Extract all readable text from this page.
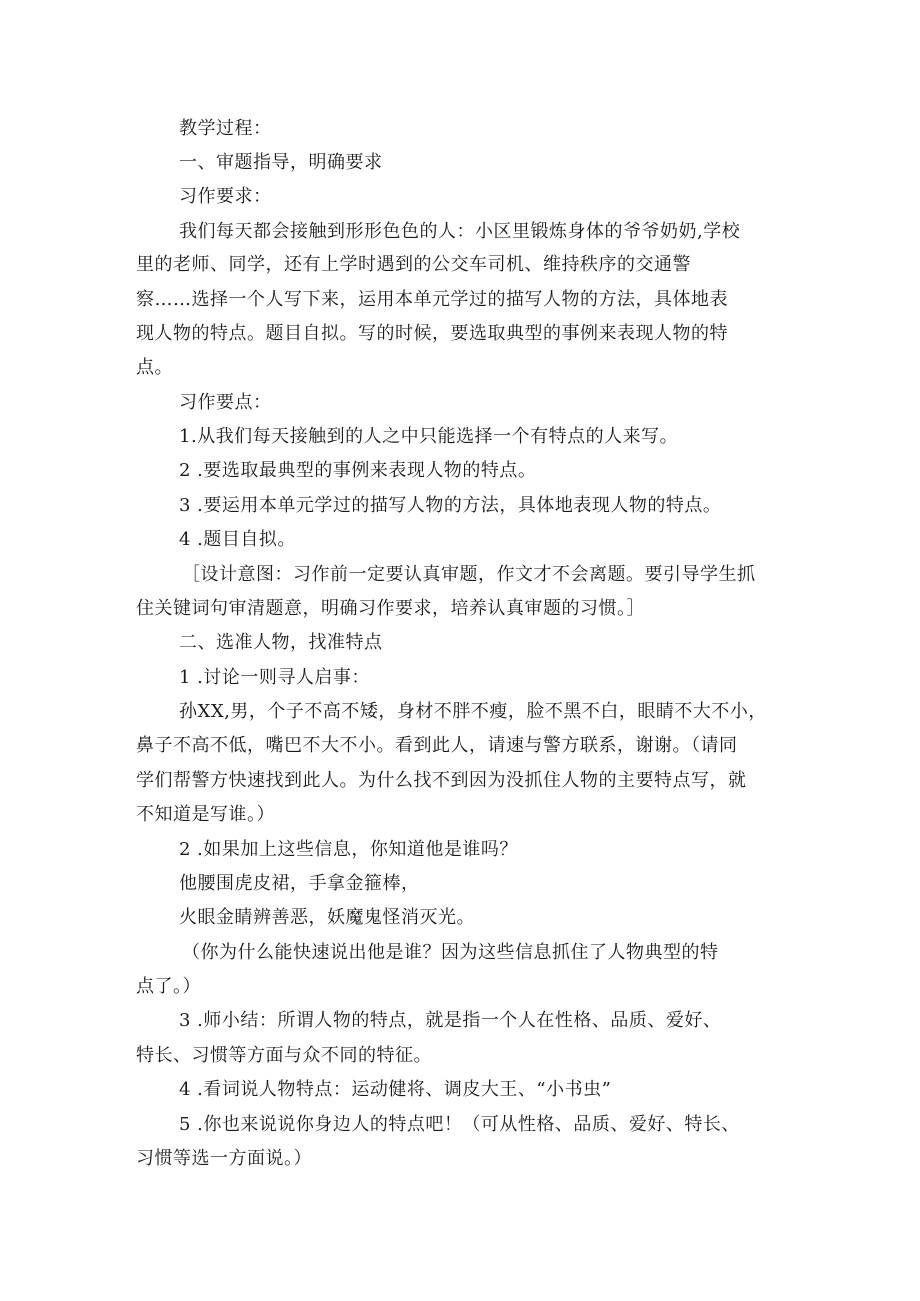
教学过程：
一、审题指导，明确要求
习作要求：
我们每天都会接触到形形色色的人：小区里锻炼身体的爷爷奶奶,学校
里的老师、同学，还有上学时遇到的公交车司机、维持秩序的交通警
察……选择一个人写下来，运用本单元学过的描写人物的方法，具体地表
现人物的特点。题目自拟。写的时候，要选取典型的事例来表现人物的特
点。
习作要点：
1.从我们每天接触到的人之中只能选择一个有特点的人来写。
2 .要选取最典型的事例来表现人物的特点。
3 .要运用本单元学过的描写人物的方法，具体地表现人物的特点。
4 .题目自拟。
［设计意图：习作前一定要认真审题，作文才不会离题。要引导学生抓
住关键词句审清题意，明确习作要求，培养认真审题的习惯。］
二、选准人物，找准特点
1 .讨论一则寻人启事：
孙XX,男，个子不高不矮，身材不胖不瘦，脸不黑不白，眼睛不大不小，
鼻子不高不低，嘴巴不大不小。看到此人，请速与警方联系，谢谢。（请同
学们帮警方快速找到此人。为什么找不到因为没抓住人物的主要特点写，就
不知道是写谁。）
2 .如果加上这些信息，你知道他是谁吗？
他腰围虎皮裙，手拿金箍棒，
火眼金睛辨善恶，妖魔鬼怪消灭光。
（你为什么能快速说出他是谁？因为这些信息抓住了人物典型的特
点了。）
3 .师小结：所谓人物的特点，就是指一个人在性格、品质、爱好、
特长、习惯等方面与众不同的特征。
4 .看词说人物特点：运动健将、调皮大王、“小书虫”
5 .你也来说说你身边人的特点吧！（可从性格、品质、爱好、特长、
习惯等选一方面说。）
